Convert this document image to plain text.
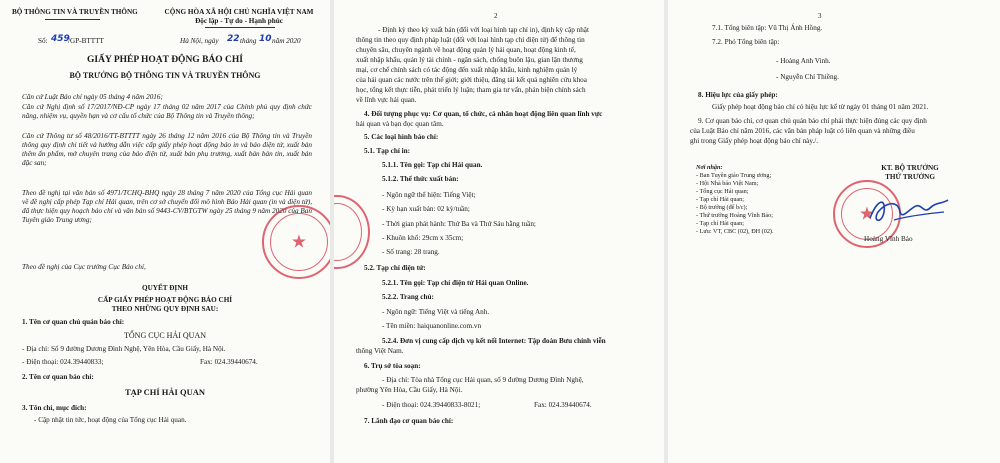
BỘ THÔNG TIN VÀ TRUYỀN THÔNG	CỘNG HÒA XÃ HỘI CHỦ NGHĨA VIỆT NAM
Độc lập - Tự do - Hạnh phúc
Số: 459
/GP-BTTTT	Hà Nội, ngày 22 tháng 10 năm 2020
GIẤY PHÉP HOẠT ĐỘNG BÁO CHÍ
BỘ TRƯỞNG BỘ THÔNG TIN VÀ TRUYỀN THÔNG
Căn cứ Luật Báo chí ngày 05 tháng 4 năm 2016;
Căn cứ Nghị định số 17/2017/NĐ-CP ngày 17 tháng 02 năm 2017 của Chính phủ quy định chức năng, nhiệm vụ, quyền hạn và cơ cấu tổ chức của Bộ Thông tin và Truyền thông;
Căn cứ Thông tư số 48/2016/TT-BTTTT ngày 26 tháng 12 năm 2016 của Bộ Thông tin và Truyền thông quy định chi tiết và hướng dẫn việc cấp giấy phép hoạt động báo in và báo điện tử, xuất bản thêm ấn phẩm, mở chuyên trang của báo điện tử, xuất bản phụ trương, xuất bản bản tin, xuất bản đặc san;
Theo đề nghị tại văn bản số 4971/TCHQ-BHQ ngày 28 tháng 7 năm 2020 của Tổng cục Hải quan về đề nghị cấp phép Tạp chí Hải quan, trên cơ sở chuyển đổi mô hình Báo Hải quan (in và điện tử), đã thực hiện quy hoạch báo chí và văn bản số 9443-CV/BTGTW ngày 25 tháng 9 năm 2020 của Ban Tuyên giáo Trung ương;
Theo đề nghị của Cục trưởng Cục Báo chí,
★
QUYẾT ĐỊNH
CẤP GIẤY PHÉP HOẠT ĐỘNG BÁO CHÍ
THEO NHỮNG QUY ĐỊNH SAU:
1. Tên cơ quan chủ quản báo chí:
TỔNG CỤC HẢI QUAN
- Địa chỉ: Số 9 đường Dương Đình Nghệ, Yên Hòa, Cầu Giấy, Hà Nội.
- Điện thoại: 024.39440833;	Fax: 024.39440674.
2. Tên cơ quan báo chí:
TẠP CHÍ HẢI QUAN
3. Tôn chỉ, mục đích:
- Cập nhật tin tức, hoạt động của Tổng cục Hải quan.
2
- Định kỳ theo kỳ xuất bản (đối với loại hình tạp chí in), định kỳ cập nhật
thông tin theo quy định pháp luật (đối với loại hình tạp chí điện tử) để thông tin
chuyên sâu, chuyên ngành về hoạt động quản lý hải quan, hoạt động kinh tế,
xuất nhập khẩu, quản lý tài chính - ngân sách, chống buôn lậu, gian lận thương
mại, cơ chế chính sách có tác động đến xuất nhập khẩu, kinh nghiệm quản lý
của hải quan các nước trên thế giới; giới thiệu, đăng tải kết quả nghiên cứu khoa
học, tổng kết thực tiễn, phát triển lý luận; tham gia tư vấn, phản biện chính sách
về lĩnh vực hải quan.
4. Đối tượng phục vụ: Cơ quan, tổ chức, cá nhân hoạt động liên quan lĩnh vực
hải quan và bạn đọc quan tâm.
5. Các loại hình báo chí:
5.1. Tạp chí in:
5.1.1. Tên gọi: Tạp chí Hải quan.
5.1.2. Thể thức xuất bản:
- Ngôn ngữ thể hiện: Tiếng Việt;
- Kỳ hạn xuất bản: 02 kỳ/tuần;
- Thời gian phát hành: Thứ Ba và Thứ Sáu hằng tuần;
- Khuôn khổ: 29cm x 35cm;
- Số trang: 28 trang.
5.2. Tạp chí điện tử:
5.2.1. Tên gọi: Tạp chí điện tử Hải quan Online.
5.2.2. Trang chủ:
- Ngôn ngữ: Tiếng Việt và tiếng Anh.
- Tên miền: haiquanonline.com.vn
5.2.4. Đơn vị cung cấp dịch vụ kết nối Internet: Tập đoàn Bưu chính viễn
thông Việt Nam.
6. Trụ sở tòa soạn:
- Địa chỉ: Tòa nhà Tổng cục Hải quan, số 9 đường Dương Đình Nghệ,
phường Yên Hòa, Cầu Giấy, Hà Nội.
- Điện thoại: 024.39440833-8021;	Fax: 024.39440674.
7. Lãnh đạo cơ quan báo chí:
3
7.1. Tổng biên tập: Vũ Thị Ánh Hồng.
7.2. Phó Tổng biên tập:
- Hoàng Anh Vinh.
- Nguyễn Chí Thiềng.
8. Hiệu lực của giấy phép:
Giấy phép hoạt động báo chí có hiệu lực kể từ ngày 01 tháng 01 năm 2021.
9. Cơ quan báo chí, cơ quan chủ quản báo chí phải thực hiện đúng các quy định
của Luật Báo chí năm 2016, các văn bản pháp luật có liên quan và những điều
ghi trong Giấy phép hoạt động báo chí này./.
Nơi nhận:
- Ban Tuyên giáo Trung ương;
- Hội Nhà báo Việt Nam;
- Tổng cục Hải quan;
- Tạp chí Hải quan;
- Bộ trưởng (để b/c);
- Thứ trưởng Hoàng Vĩnh Bảo;
- Tạp chí Hải quan;
- Lưu: VT, CBC (02), ĐH (02).
KT. BỘ TRƯỞNG
THỨ TRƯỞNG
★
Hoàng Vĩnh Bảo
